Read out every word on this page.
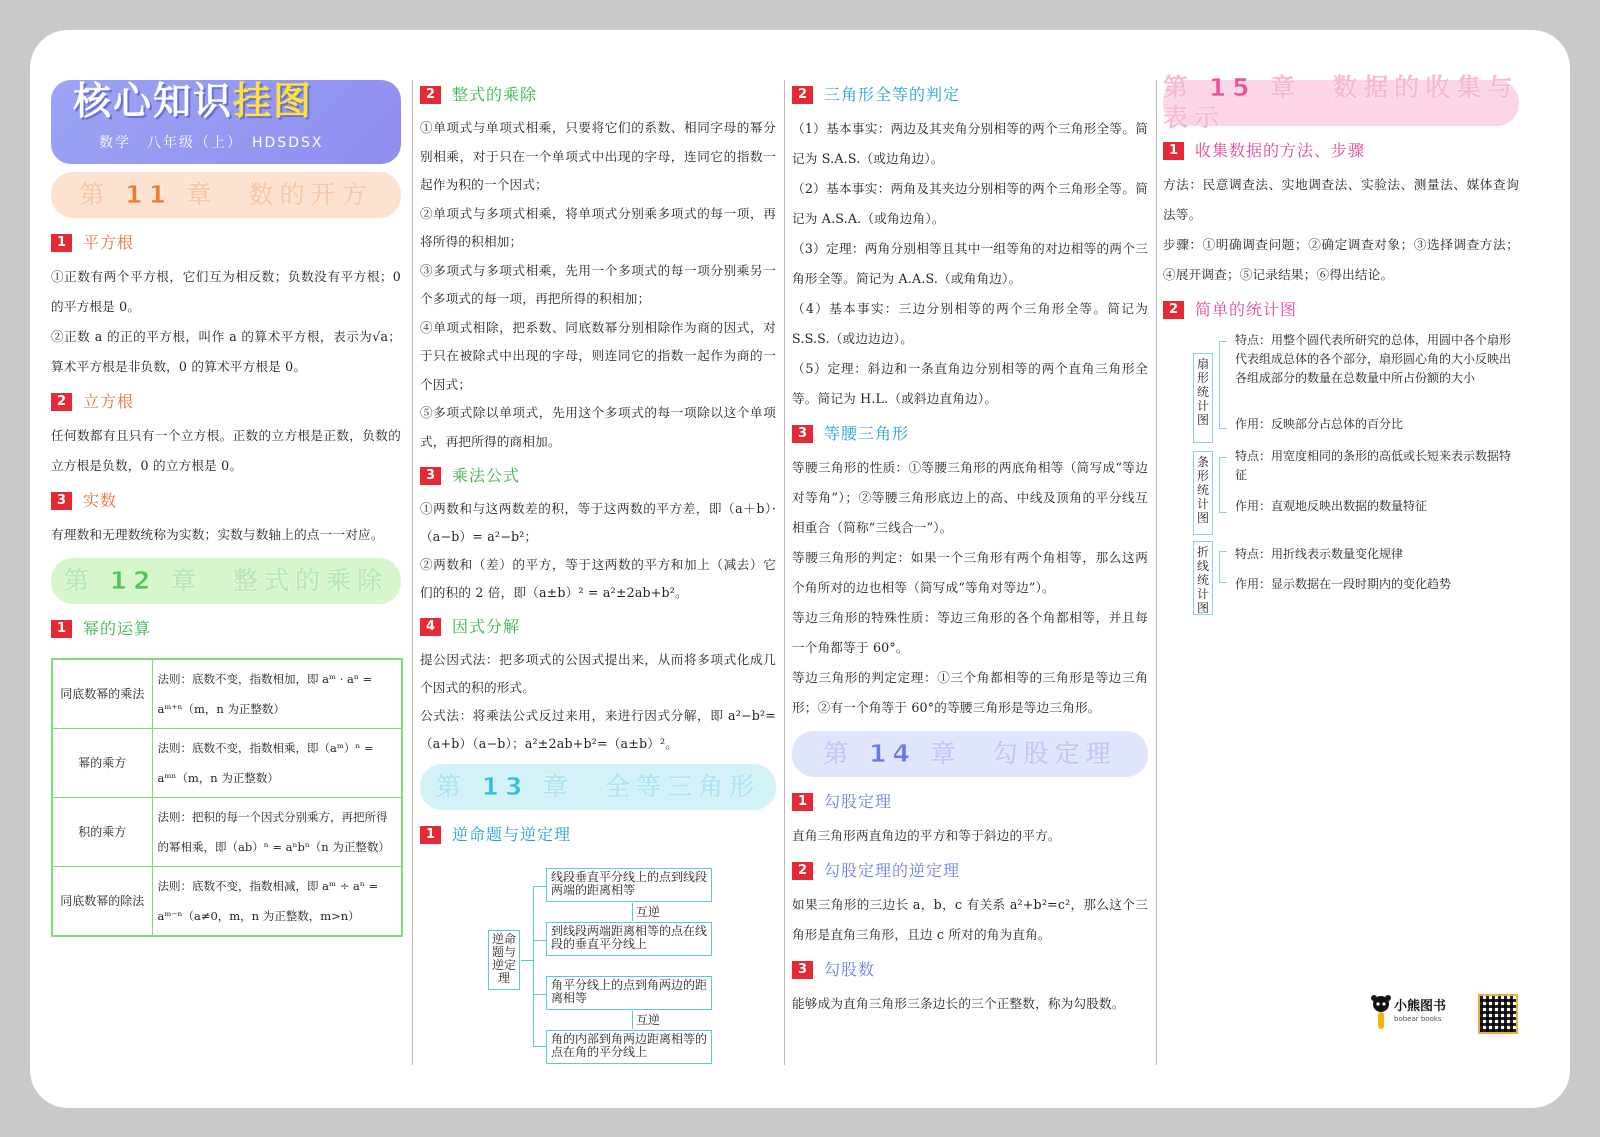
核心知识挂图
数学　八年级（上）　HDSDSX
第 11 章　数的开方
1	平方根

①正数有两个平方根，它们互为相反数；负数没有平方根；0 的平方根是 0。

②正数 a 的正的平方根，叫作 a 的算术平方根，表示为√a；算术平方根是非负数，0 的算术平方根是 0。

2	立方根

任何数都有且只有一个立方根。正数的立方根是正数，负数的立方根是负数，0 的立方根是 0。

3	实数

有理数和无理数统称为实数；实数与数轴上的点一一对应。

第 12 章　整式的乘除
1	幂的运算
同底数幂的乘法	法则：底数不变，指数相加，即 aᵐ · aⁿ = aᵐ⁺ⁿ（m，n 为正整数）
幂的乘方	法则：底数不变，指数相乘，即（aᵐ）ⁿ = aᵐⁿ（m，n 为正整数）
积的乘方	法则：把积的每一个因式分别乘方，再把所得的幂相乘，即（ab）ⁿ = aⁿbⁿ（n 为正整数）
同底数幂的除法	法则：底数不变，指数相减，即 aᵐ ÷ aⁿ = aᵐ⁻ⁿ（a≠0，m，n 为正整数，m>n）
2	整式的乘除

①单项式与单项式相乘，只要将它们的系数、相同字母的幂分别相乘，对于只在一个单项式中出现的字母，连同它的指数一起作为积的一个因式；

②单项式与多项式相乘，将单项式分别乘多项式的每一项，再将所得的积相加；

③多项式与多项式相乘，先用一个多项式的每一项分别乘另一个多项式的每一项，再把所得的积相加；

④单项式相除，把系数、同底数幂分别相除作为商的因式，对于只在被除式中出现的字母，则连同它的指数一起作为商的一个因式；

⑤多项式除以单项式，先用这个多项式的每一项除以这个单项式，再把所得的商相加。

3	乘法公式

①两数和与这两数差的积，等于这两数的平方差，即（a＋b）·（a−b）= a²−b²；

②两数和（差）的平方，等于这两数的平方和加上（减去）它们的积的 2 倍，即（a±b）² = a²±2ab+b²。

4	因式分解

提公因式法：把多项式的公因式提出来，从而将多项式化成几个因式的积的形式。

公式法：将乘法公式反过来用，来进行因式分解，即 a²−b²=（a+b）（a−b）；a²±2ab+b²=（a±b）²。

第 13 章　全等三角形
1	逆命题与逆定理
逆命题与逆定理
线段垂直平分线上的点到线段两端的距离相等
互逆
到线段两端距离相等的点在线段的垂直平分线上
角平分线上的点到角两边的距离相等
互逆
角的内部到角两边距离相等的点在角的平分线上
2	三角形全等的判定

（1）基本事实：两边及其夹角分别相等的两个三角形全等。简记为 S.A.S.（或边角边）。

（2）基本事实：两角及其夹边分别相等的两个三角形全等。简记为 A.S.A.（或角边角）。

（3）定理：两角分别相等且其中一组等角的对边相等的两个三角形全等。简记为 A.A.S.（或角角边）。

（4）基本事实：三边分别相等的两个三角形全等。简记为 S.S.S.（或边边边）。

（5）定理：斜边和一条直角边分别相等的两个直角三角形全等。简记为 H.L.（或斜边直角边）。

3	等腰三角形

等腰三角形的性质：①等腰三角形的两底角相等（简写成“等边对等角”）；②等腰三角形底边上的高、中线及顶角的平分线互相重合（简称“三线合一”）。

等腰三角形的判定：如果一个三角形有两个角相等，那么这两个角所对的边也相等（简写成“等角对等边”）。

等边三角形的特殊性质：等边三角形的各个角都相等，并且每一个角都等于 60°。

等边三角形的判定定理：①三个角都相等的三角形是等边三角形；②有一个角等于 60°的等腰三角形是等边三角形。

第 14 章　勾股定理
1	勾股定理

直角三角形两直角边的平方和等于斜边的平方。

2	勾股定理的逆定理

如果三角形的三边长 a，b，c 有关系 a²+b²=c²，那么这个三角形是直角三角形，且边 c 所对的角为直角。

3	勾股数

能够成为直角三角形三条边长的三个正整数，称为勾股数。

第 15 章　数据的收集与表示
1	收集数据的方法、步骤

方法：民意调查法、实地调查法、实验法、测量法、媒体查询法等。

步骤：①明确调查问题；②确定调查对象；③选择调查方法；④展开调查；⑤记录结果；⑥得出结论。

2	简单的统计图
扇形统计图
特点：用整个圆代表所研究的总体，用圆中各个扇形代表组成总体的各个部分，扇形圆心角的大小反映出各组成部分的数量在总数量中所占份额的大小
作用：反映部分占总体的百分比
条形统计图
特点：用宽度相同的条形的高低或长短来表示数据特征
作用：直观地反映出数据的数量特征
折线统计图
特点：用折线表示数量变化规律
作用：显示数据在一段时期内的变化趋势
小熊图书
bobear books
